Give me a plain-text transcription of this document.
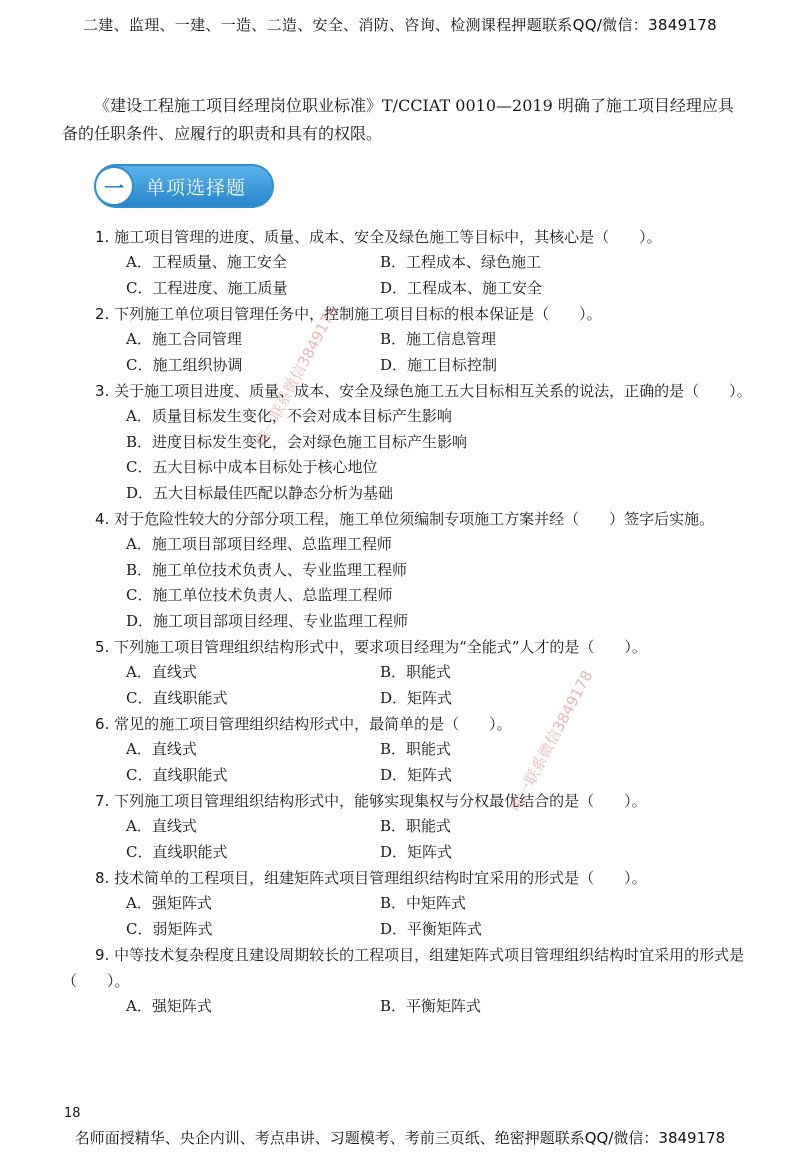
二建、监理、一建、一造、二造、安全、消防、咨询、检测课程押题联系QQ/微信：3849178

《建设工程施工项目经理岗位职业标准》T/CCIAT 0010—2019 明确了施工项目经理应具备的任职条件、应履行的职责和具有的权限。

一	单项选择题
1. 施工项目管理的进度、质量、成本、安全及绿色施工等目标中，其核心是（　　）。
A．工程质量、施工安全	B．工程成本、绿色施工
C．工程进度、施工质量	D．工程成本、施工安全
2. 下列施工单位项目管理任务中，控制施工项目目标的根本保证是（　　）。
A．施工合同管理	B．施工信息管理
C．施工组织协调	D．施工目标控制
3. 关于施工项目进度、质量、成本、安全及绿色施工五大目标相互关系的说法，正确的是（　　）。
A．质量目标发生变化，不会对成本目标产生影响
B．进度目标发生变化，会对绿色施工目标产生影响
C．五大目标中成本目标处于核心地位
D．五大目标最佳匹配以静态分析为基础
4. 对于危险性较大的分部分项工程，施工单位须编制专项施工方案并经（　　）签字后实施。
A．施工项目部项目经理、总监理工程师
B．施工单位技术负责人、专业监理工程师
C．施工单位技术负责人、总监理工程师
D．施工项目部项目经理、专业监理工程师
5. 下列施工项目管理组织结构形式中，要求项目经理为“全能式”人才的是（　　）。
A．直线式	B．职能式
C．直线职能式	D．矩阵式
6. 常见的施工项目管理组织结构形式中，最简单的是（　　）。
A．直线式	B．职能式
C．直线职能式	D．矩阵式
7. 下列施工项目管理组织结构形式中，能够实现集权与分权最优结合的是（　　）。
A．直线式	B．职能式
C．直线职能式	D．矩阵式
8. 技术简单的工程项目，组建矩阵式项目管理组织结构时宜采用的形式是（　　）。
A．强矩阵式	B．中矩阵式
C．弱矩阵式	D．平衡矩阵式
9. 中等技术复杂程度且建设周期较长的工程项目，组建矩阵式项目管理组织结构时宜采用的形式是（　　）。
A．强矩阵式	B．平衡矩阵式
唯一联系微信3849178
唯一联系微信3849178
18
名师面授精华、央企内训、考点串讲、习题模考、考前三页纸、绝密押题联系QQ/微信：3849178
